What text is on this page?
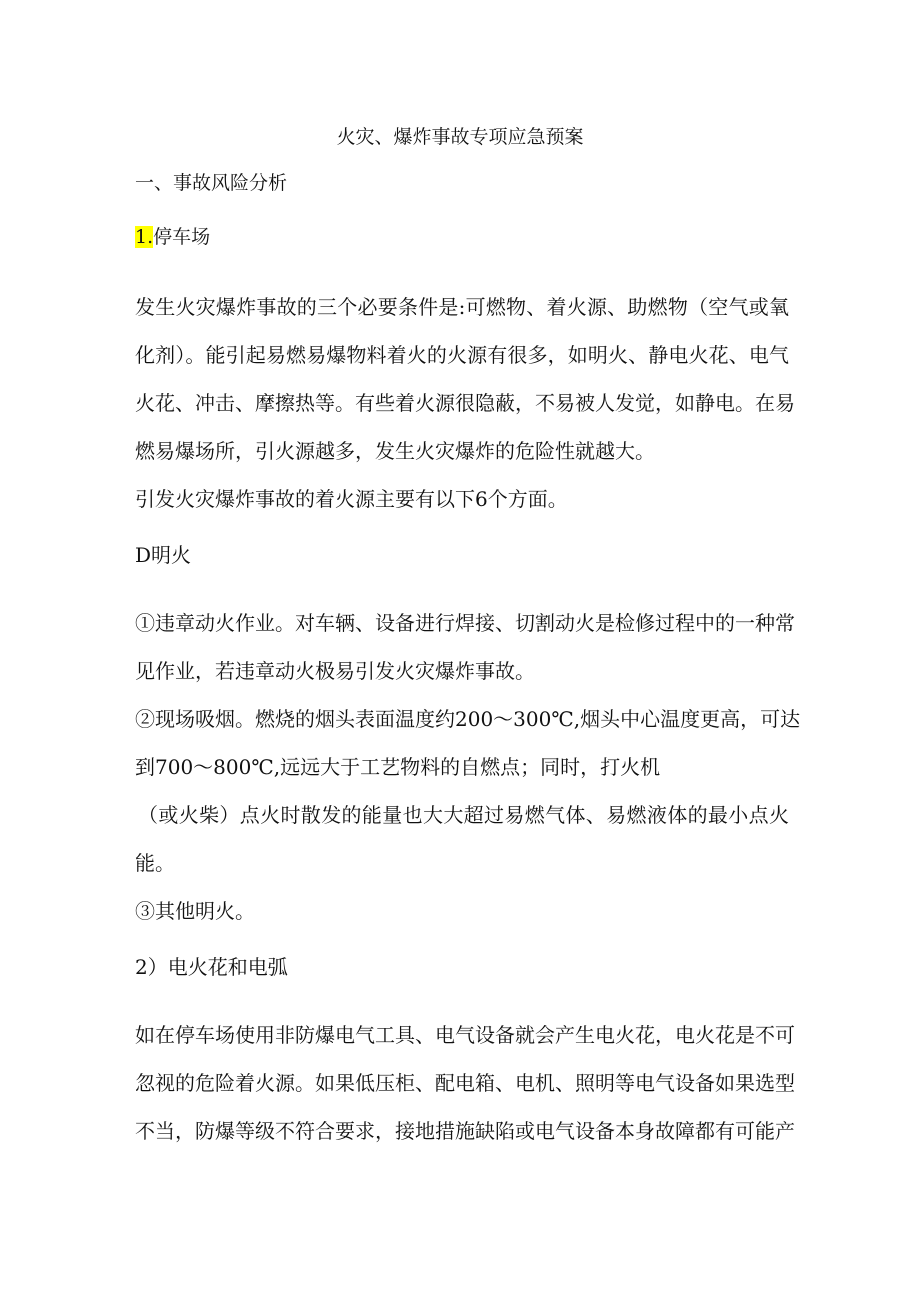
火灾、爆炸事故专项应急预案
一、事故风险分析
1.停车场
发生火灾爆炸事故的三个必要条件是:可燃物、着火源、助燃物（空气或氧
化剂）。能引起易燃易爆物料着火的火源有很多，如明火、静电火花、电气
火花、冲击、摩擦热等。有些着火源很隐蔽，不易被人发觉，如静电。在易
燃易爆场所，引火源越多，发生火灾爆炸的危险性就越大。
引发火灾爆炸事故的着火源主要有以下6个方面。
D明火
①违章动火作业。对车辆、设备进行焊接、切割动火是检修过程中的一种常
见作业，若违章动火极易引发火灾爆炸事故。
②现场吸烟。燃烧的烟头表面温度约200～300℃,烟头中心温度更高，可达
到700～800℃,远远大于工艺物料的自燃点；同时，打火机
（或火柴）点火时散发的能量也大大超过易燃气体、易燃液体的最小点火
能。
③其他明火。
2）电火花和电弧
如在停车场使用非防爆电气工具、电气设备就会产生电火花，电火花是不可
忽视的危险着火源。如果低压柜、配电箱、电机、照明等电气设备如果选型
不当，防爆等级不符合要求，接地措施缺陷或电气设备本身故障都有可能产
